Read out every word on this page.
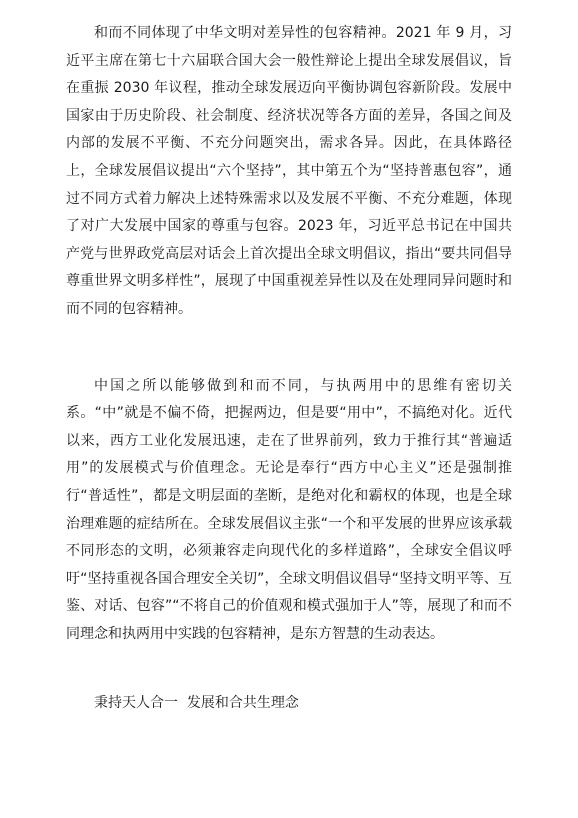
和而不同体现了中华文明对差异性的包容精神。2021 年 9 月，习近平主席在第七十六届联合国大会一般性辩论上提出全球发展倡议，旨在重振 2030 年议程，推动全球发展迈向平衡协调包容新阶段。发展中国家由于历史阶段、社会制度、经济状况等各方面的差异，各国之间及内部的发展不平衡、不充分问题突出，需求各异。因此，在具体路径上，全球发展倡议提出“六个坚持”，其中第五个为“坚持普惠包容”，通过不同方式着力解决上述特殊需求以及发展不平衡、不充分难题，体现了对广大发展中国家的尊重与包容。2023 年，习近平总书记在中国共产党与世界政党高层对话会上首次提出全球文明倡议，指出“要共同倡导尊重世界文明多样性”，展现了中国重视差异性以及在处理同异问题时和而不同的包容精神。

中国之所以能够做到和而不同，与执两用中的思维有密切关系。“中”就是不偏不倚，把握两边，但是要“用中”，不搞绝对化。近代以来，西方工业化发展迅速，走在了世界前列，致力于推行其“普遍适用”的发展模式与价值理念。无论是奉行“西方中心主义”还是强制推行“普适性”，都是文明层面的垄断，是绝对化和霸权的体现，也是全球治理难题的症结所在。全球发展倡议主张“一个和平发展的世界应该承载不同形态的文明，必须兼容走向现代化的多样道路”，全球安全倡议呼吁“坚持重视各国合理安全关切”，全球文明倡议倡导“坚持文明平等、互鉴、对话、包容”“不将自己的价值观和模式强加于人”等，展现了和而不同理念和执两用中实践的包容精神，是东方智慧的生动表达。

秉持天人合一  发展和合共生理念
